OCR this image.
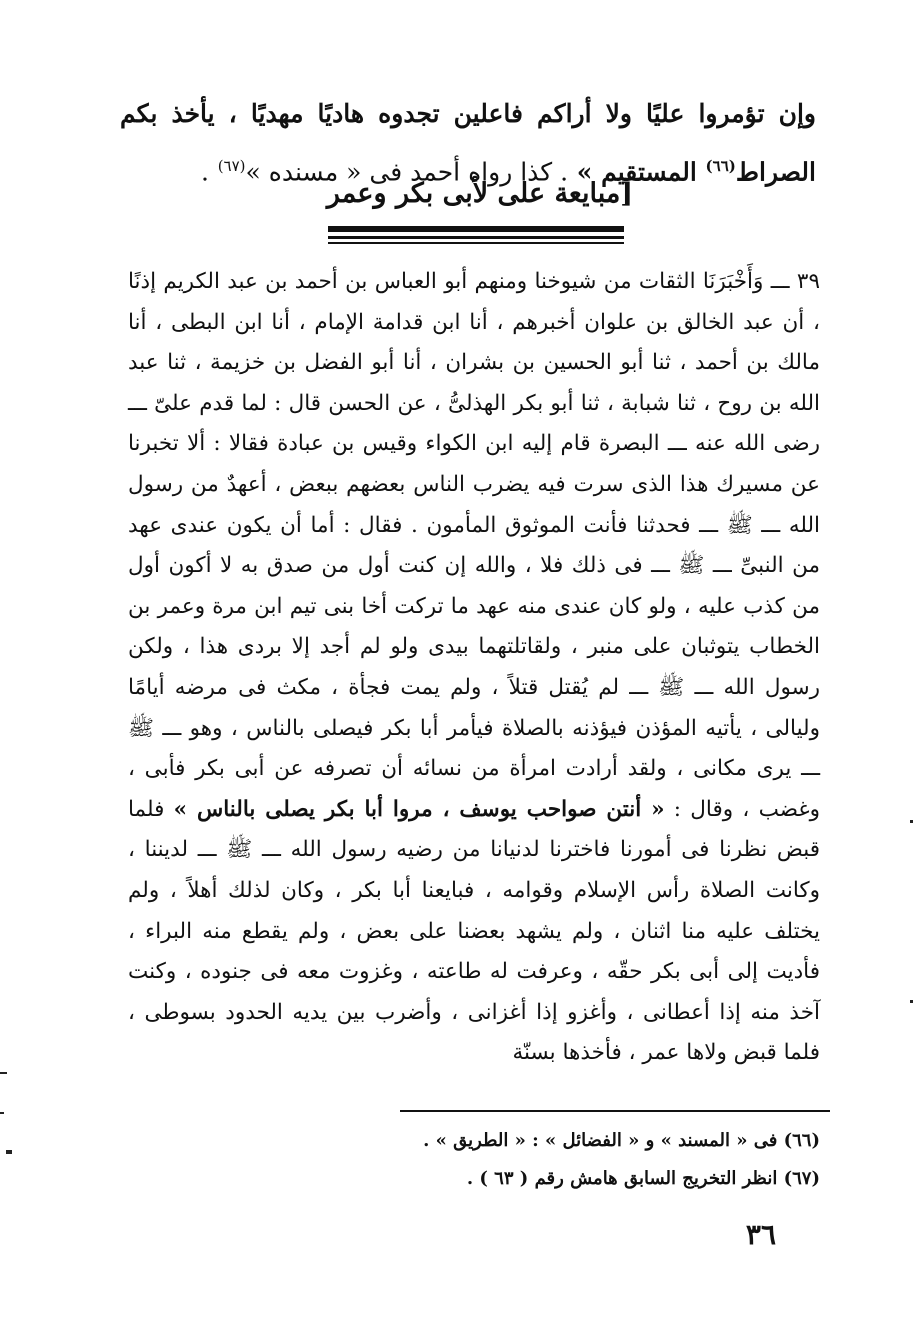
وإن تؤمروا عليًا ولا أراكم فاعلين تجدوه هاديًا مهديًا ، يأخذ بكم الصراط$^{(٦٦)}$ المستقيم » . كذا رواه أحمد فى « مسنده »$^{(٦٧)}$ .
[مبايعة على لأبى بكر وعمر
٣٩ ـــ وَأَخْبَرَنَا الثقات من شيوخنا ومنهم أبو العباس بن أحمد بن عبد الكريم إذنًا ، أن عبد الخالق بن علوان أخبرهم ، أنا ابن قدامة الإمام ، أنا ابن البطى ، أنا مالك بن أحمد ، ثنا أبو الحسين بن بشران ، أنا أبو الفضل بن خزيمة ، ثنا عبد الله بن روح ، ثنا شبابة ، ثنا أبو بكر الهذلىُّ ، عن الحسن قال : لما قدم علىّ ـــ رضى الله عنه ـــ البصرة قام إليه ابن الكواء وقيس بن عبادة فقالا : ألا تخبرنا عن مسيرك هذا الذى سرت فيه يضرب الناس بعضهم ببعض ، أعهدٌ من رسول الله ـــ ﷺ ـــ فحدثنا فأنت الموثوق المأمون . فقال : أما أن يكون عندى عهد من النبىِّ ـــ ﷺ ـــ فى ذلك فلا ، والله إن كنت أول من صدق به لا أكون أول من كذب عليه ، ولو كان عندى منه عهد ما تركت أخا بنى تيم ابن مرة وعمر بن الخطاب يتوثبان على منبر ، ولقاتلتهما بيدى ولو لم أجد إلا بردى هذا ، ولكن رسول الله ـــ ﷺ ـــ لم يُقتل قتلاً ، ولم يمت فجأة ، مكث فى مرضه أيامًا وليالى ، يأتيه المؤذن فيؤذنه بالصلاة فيأمر أبا بكر فيصلى بالناس ، وهو ـــ ﷺ ـــ يرى مكانى ، ولقد أرادت امرأة من نسائه أن تصرفه عن أبى بكر فأبى ، وغضب ، وقال : « أنتن صواحب يوسف ، مروا أبا بكر يصلى بالناس » فلما قبض نظرنا فى أمورنا فاخترنا لدنيانا من رضيه رسول الله ـــ ﷺ ـــ لديننا ، وكانت الصلاة رأس الإسلام وقوامه ، فبايعنا أبا بكر ، وكان لذلك أهلاً ، ولم يختلف عليه منا اثنان ، ولم يشهد بعضنا على بعض ، ولم يقطع منه البراء ، فأديت إلى أبى بكر حقّه ، وعرفت له طاعته ، وغزوت معه فى جنوده ، وكنت آخذ منه إذا أعطانى ، وأغزو إذا أغزانى ، وأضرب بين يديه الحدود بسوطى ، فلما قبض ولاها عمر ، فأخذها بسنّة
(٦٦) فى « المسند » و « الفضائل » : « الطريق » .
(٦٧) انظر التخريج السابق هامش رقم ( ٦٣ ) .
٣٦
